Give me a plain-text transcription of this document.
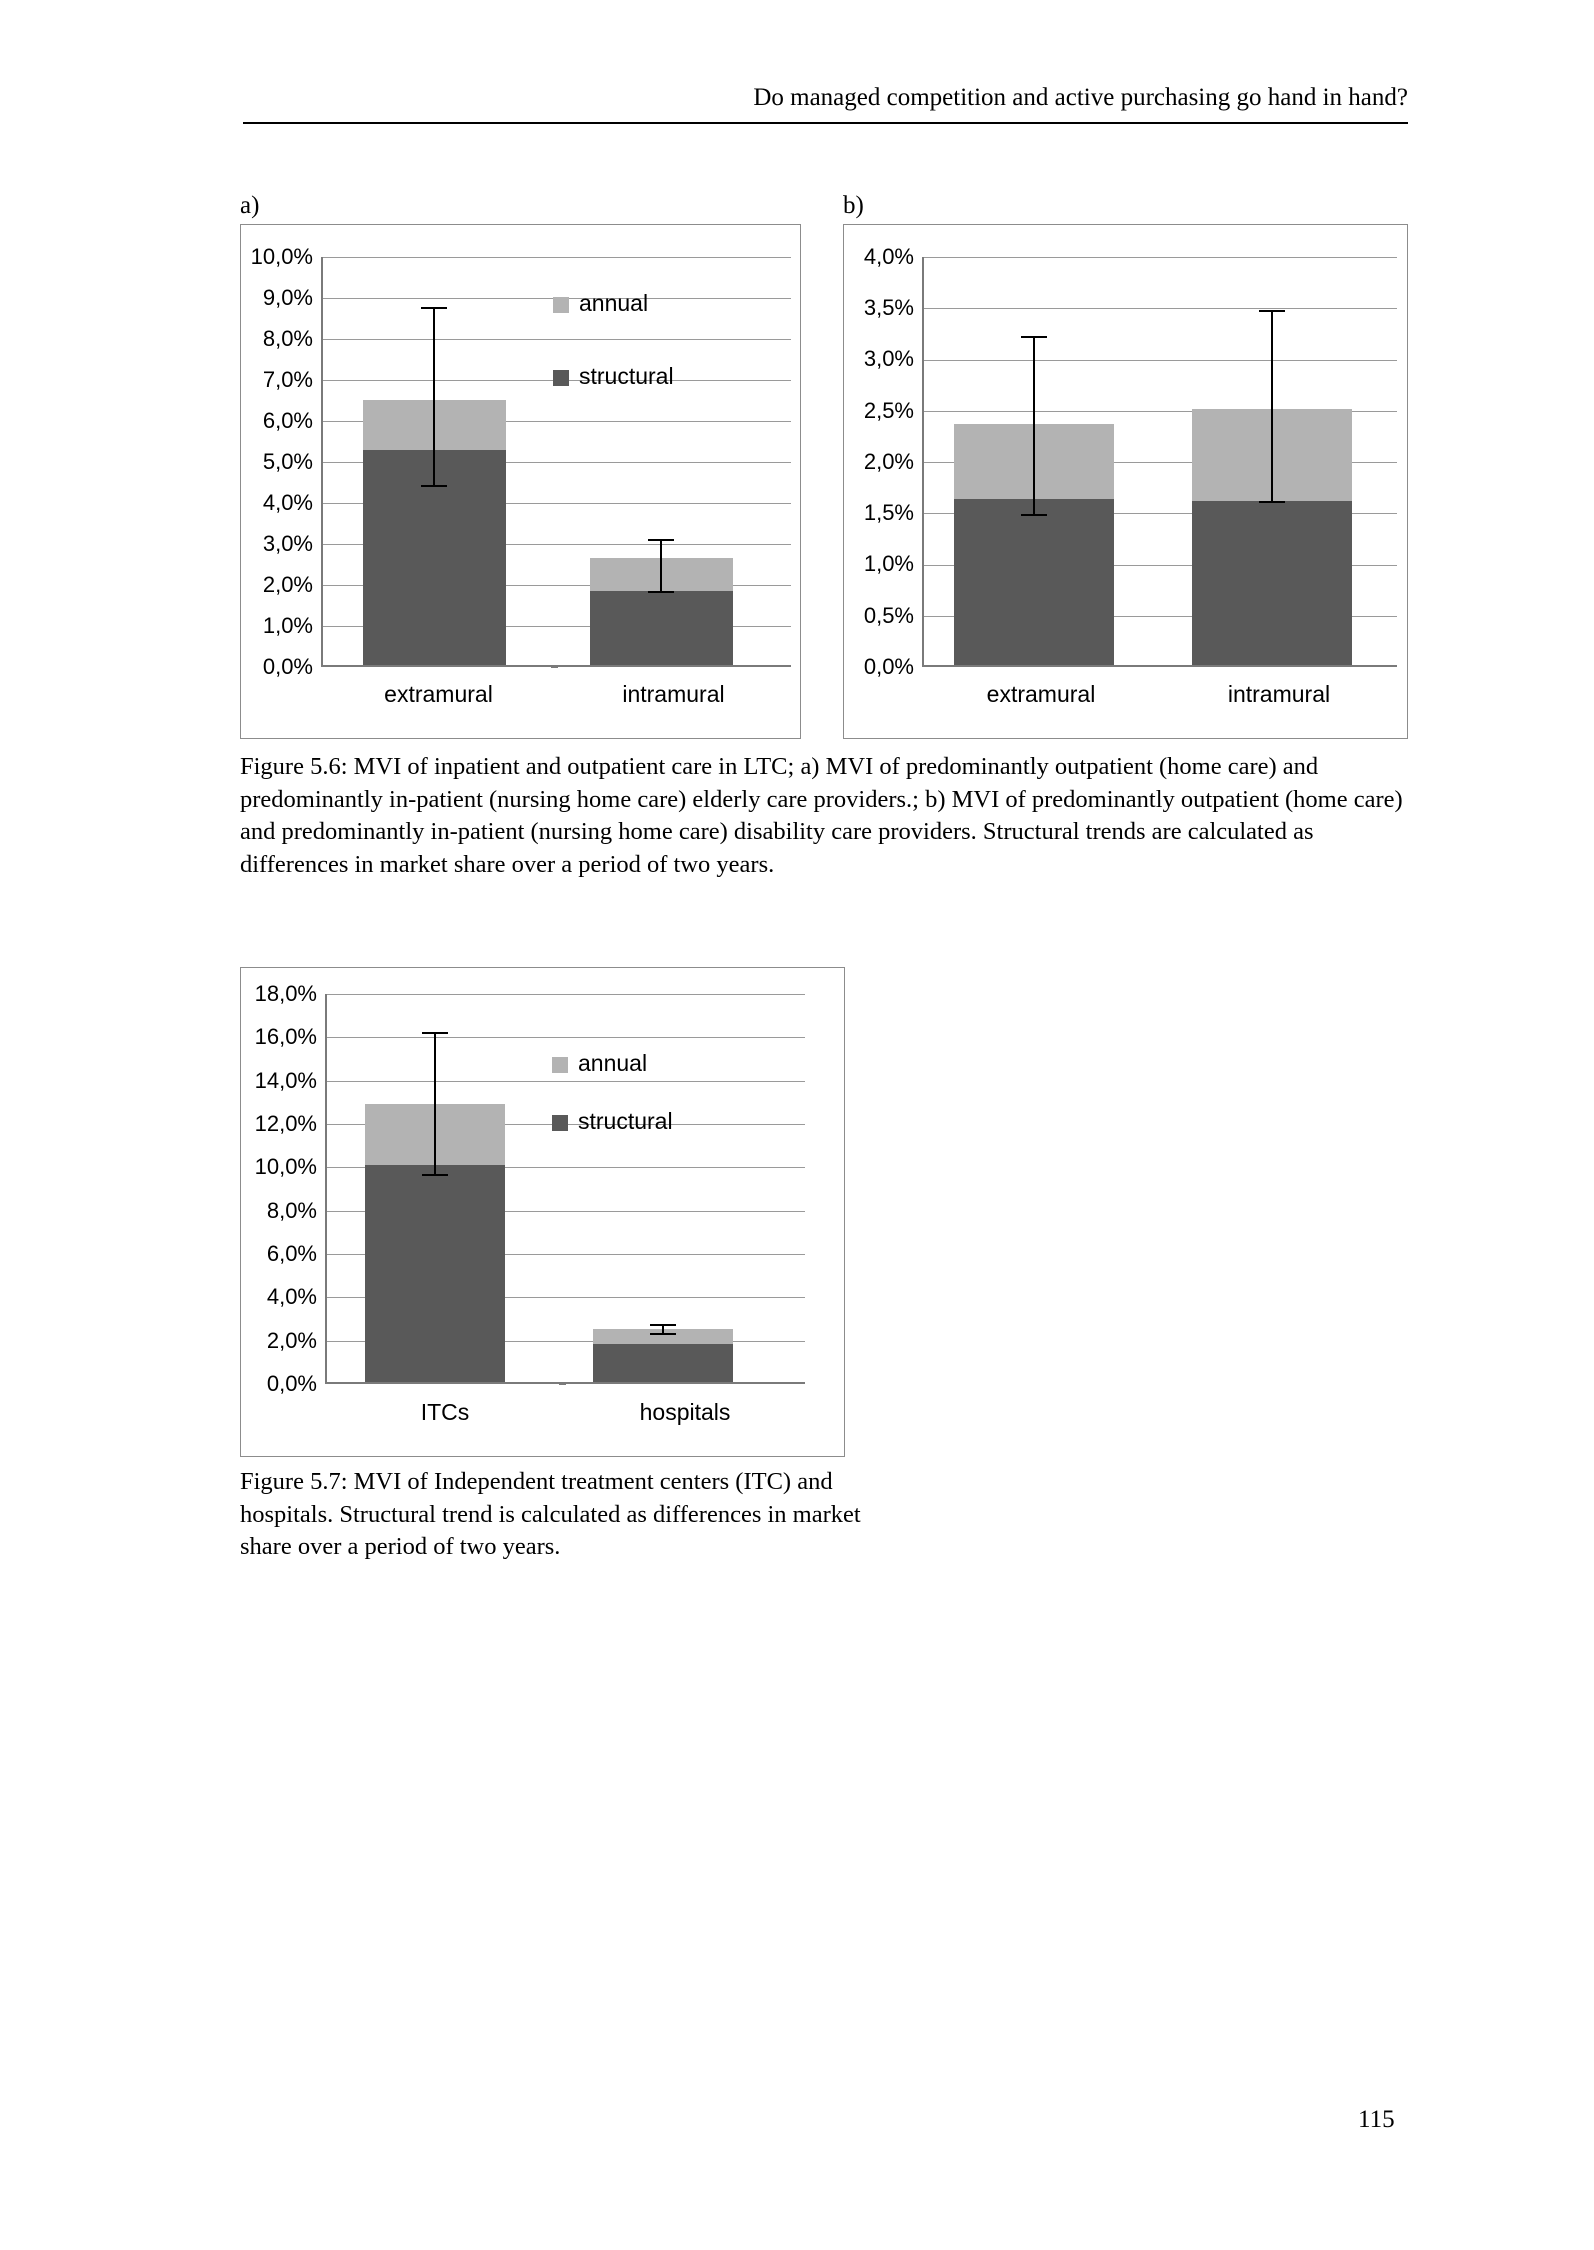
Do managed competition and active purchasing go hand in hand?
a)	b)
annual
structural
10,0%
9,0%
8,0%
7,0%
6,0%
5,0%
4,0%
3,0%
2,0%
1,0%
0,0%
extramural	intramural
4,0%
3,5%
3,0%
2,5%
2,0%
1,5%
1,0%
0,5%
0,0%
extramural	intramural
Figure 5.6: MVI of inpatient and outpatient care in LTC; a) MVI of predominantly outpatient (home care) and predominantly in-patient (nursing home care) elderly care providers.; b) MVI of predominantly outpatient (home care) and predominantly in-patient (nursing home care) disability care providers. Structural trends are calculated as differences in market share over a period of two years.
annual
structural
18,0%
16,0%
14,0%
12,0%
10,0%
8,0%
6,0%
4,0%
2,0%
0,0%
ITCs	hospitals
Figure 5.7: MVI of Independent treatment centers (ITC) and hospitals. Structural trend is calculated as differences in market share over a period of two years.
115
